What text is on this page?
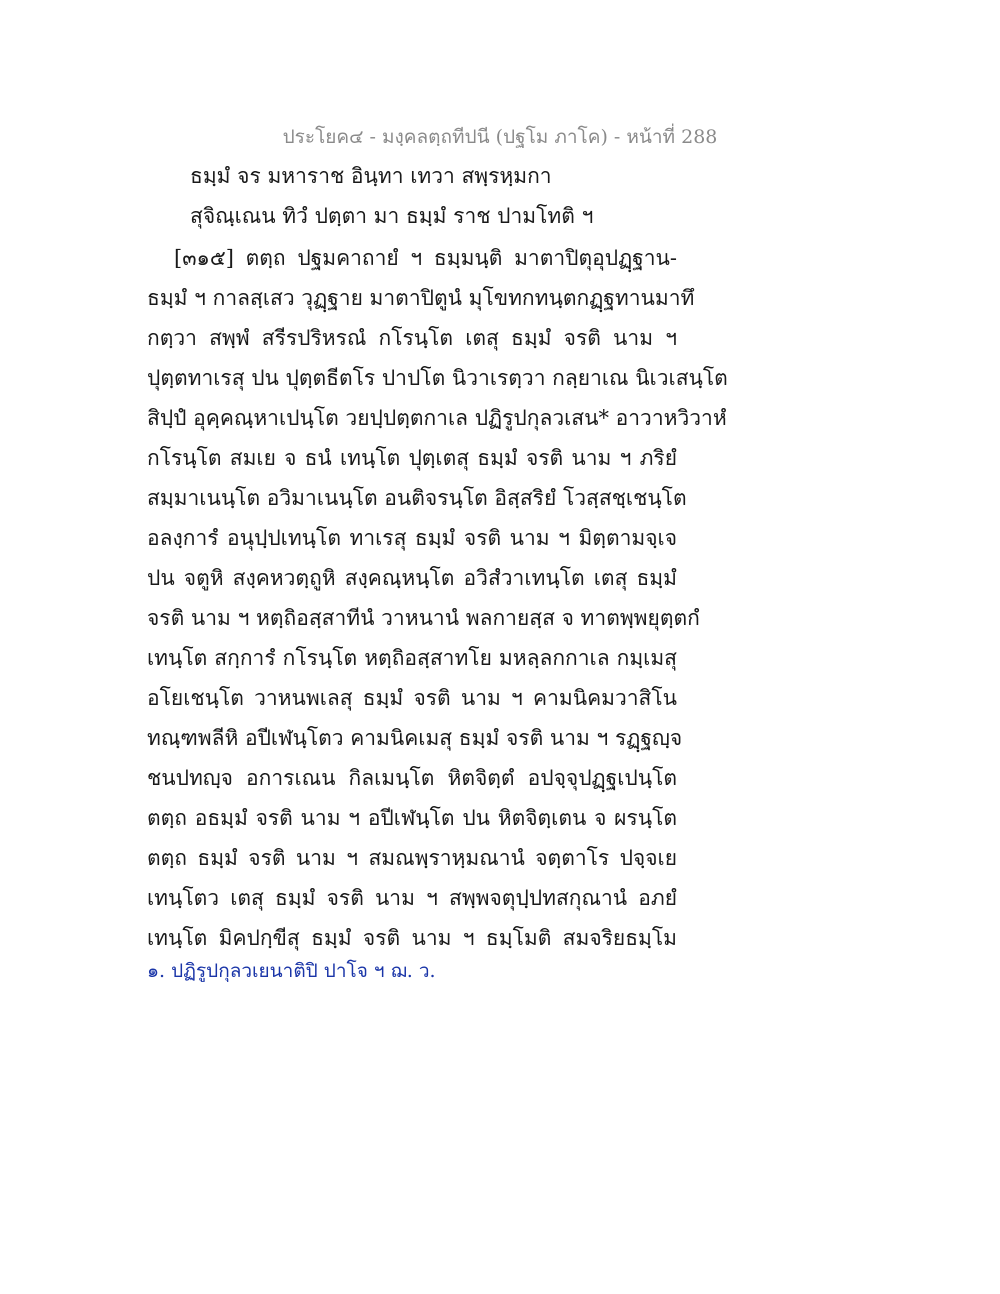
ประโยค๔ - มงฺคลตฺถทีปนี (ปฐโม ภาโค) - หน้าที่ 288
ธมฺมํ จร มหาราช อินฺทา เทวา สพฺรหฺมกา
สุจิณฺเณน ทิวํ ปตฺตา มา ธมฺมํ ราช ปามโทติ ฯ
[๓๑๕] ตตฺถ ปฐมคาถายํ ฯ ธมฺมนฺติ มาตาปิตุอุปฏฺฐาน-
ธมฺมํ ฯ กาลสฺเสว วุฏฺฐาย มาตาปิตูนํ มุโขทกทนฺตกฏฺฐทานมาทึ
กตฺวา สพฺพํ สรีรปริหรณํ กโรนฺโต เตสุ ธมฺมํ จรติ นาม ฯ
ปุตฺตทาเรสุ ปน ปุตฺตธีตโร ปาปโต นิวาเรตฺวา กลฺยาเณ นิเวเสนฺโต
สิปฺปํ อุคฺคณฺหาเปนฺโต วยปฺปตฺตกาเล ปฏิรูปกุลวเสน* อาวาหวิวาหํ
กโรนฺโต สมเย จ ธนํ เทนฺโต ปุตฺเตสุ ธมฺมํ จรติ นาม ฯ ภริยํ
สมฺมาเนนฺโต อวิมาเนนฺโต อนติจรนฺโต อิสฺสริยํ โวสฺสชฺเชนฺโต
อลงฺการํ อนุปฺปเทนฺโต ทาเรสุ ธมฺมํ จรติ นาม ฯ มิตฺตามจฺเจ
ปน จตูหิ สงฺคหวตฺถูหิ สงฺคณฺหนฺโต อวิสํวาเทนฺโต เตสุ ธมฺมํ
จรติ นาม ฯ หตฺถิอสฺสาทีนํ วาหนานํ พลกายสฺส จ ทาตพฺพยุตฺตกํ
เทนฺโต สกฺการํ กโรนฺโต หตฺถิอสฺสาทโย มหลฺลกกาเล กมฺเมสุ
อโยเชนฺโต วาหนพเลสุ ธมฺมํ จรติ นาม ฯ คามนิคมวาสิโน
ทณฺฑพลีหิ อปีเฬนฺโตว คามนิคเมสุ ธมฺมํ จรติ นาม ฯ รฏฺฐญฺจ
ชนปทญฺจ อการเณน กิลเมนฺโต หิตจิตฺตํ อปจฺจุปฏฺฐเปนฺโต
ตตฺถ อธมฺมํ จรติ นาม ฯ อปีเฬนฺโต ปน หิตจิตฺเตน จ ผรนฺโต
ตตฺถ ธมฺมํ จรติ นาม ฯ สมณพฺราหฺมณานํ จตฺตาโร ปจฺจเย
เทนฺโตว เตสุ ธมฺมํ จรติ นาม ฯ สพฺพจตุปฺปทสกุณานํ อภยํ
เทนฺโต มิคปกฺขีสุ ธมฺมํ จรติ นาม ฯ ธมฺโมติ สมจริยธมฺโม
๑. ปฏิรูปกุลวเยนาติปิ ปาโจ ฯ ฌ. ว.
